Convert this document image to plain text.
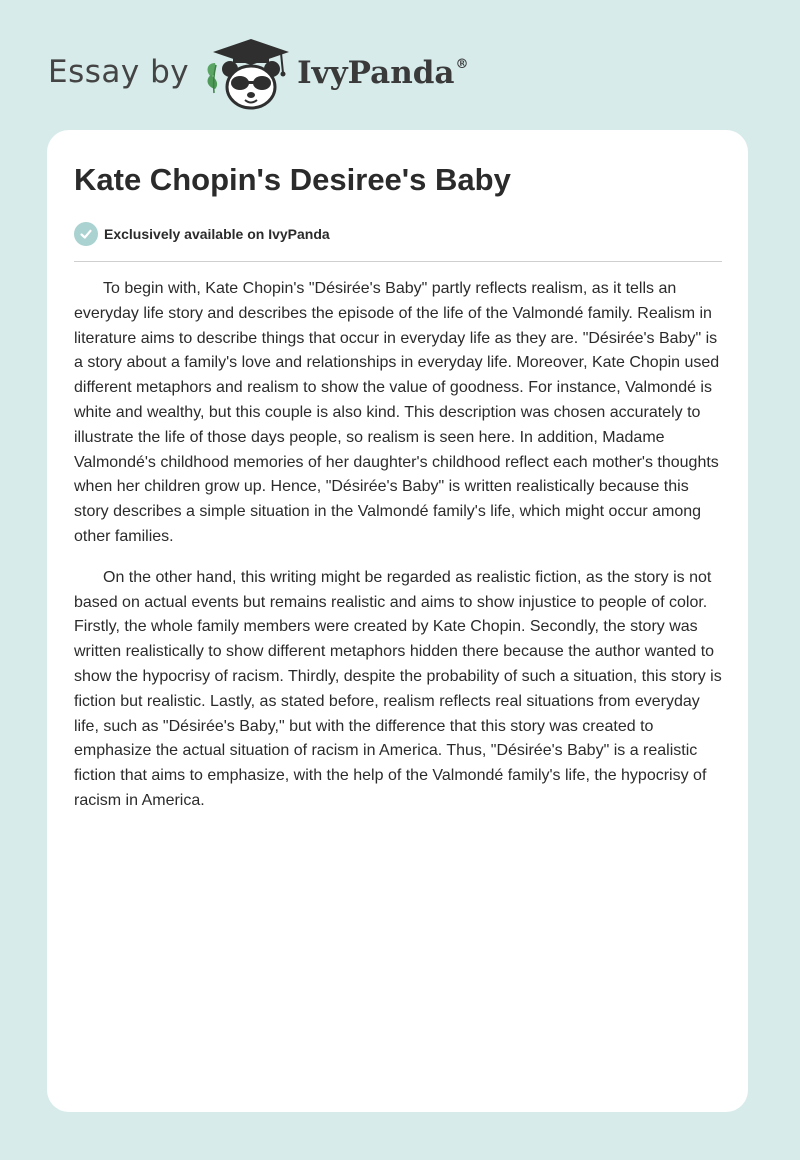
Essay by	IvyPanda®
Kate Chopin's Desiree's Baby
Exclusively available on IvyPanda

To begin with, Kate Chopin's "Désirée's Baby" partly reflects realism, as it tells an everyday life story and describes the episode of the life of the Valmondé family. Realism in literature aims to describe things that occur in everyday life as they are. "Désirée's Baby" is a story about a family's love and relationships in everyday life. Moreover, Kate Chopin used different metaphors and realism to show the value of goodness. For instance, Valmondé is white and wealthy, but this couple is also kind. This description was chosen accurately to illustrate the life of those days people, so realism is seen here. In addition, Madame Valmondé's childhood memories of her daughter's childhood reflect each mother's thoughts when her children grow up. Hence, "Désirée's Baby" is written realistically because this story describes a simple situation in the Valmondé family's life, which might occur among other families.

On the other hand, this writing might be regarded as realistic fiction, as the story is not based on actual events but remains realistic and aims to show injustice to people of color. Firstly, the whole family members were created by Kate Chopin. Secondly, the story was written realistically to show different metaphors hidden there because the author wanted to show the hypocrisy of racism. Thirdly, despite the probability of such a situation, this story is fiction but realistic. Lastly, as stated before, realism reflects real situations from everyday life, such as "Désirée's Baby," but with the difference that this story was created to emphasize the actual situation of racism in America. Thus, "Désirée's Baby" is a realistic fiction that aims to emphasize, with the help of the Valmondé family's life, the hypocrisy of racism in America.
